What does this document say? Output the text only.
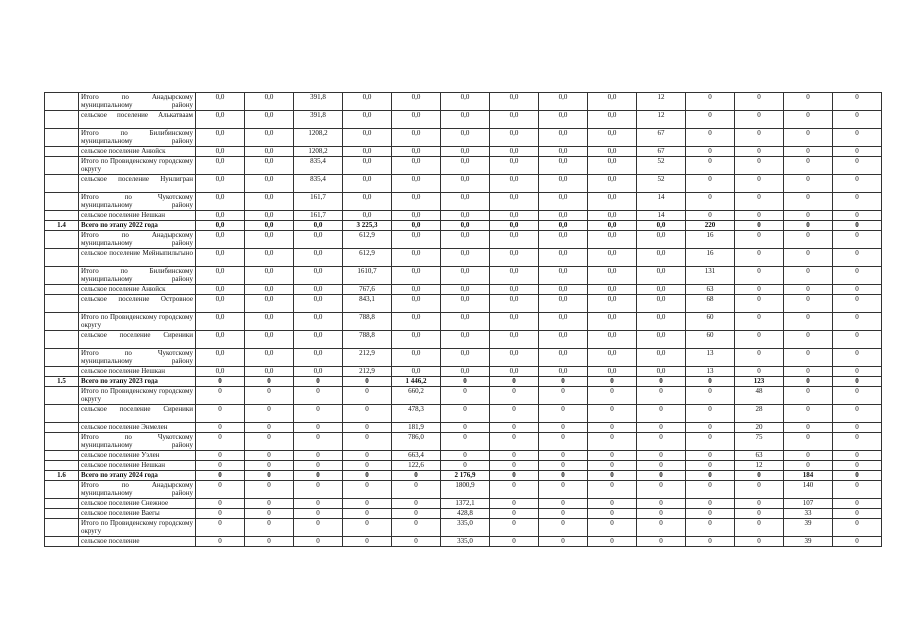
	Итого по Анадырскому муниципальному району	0,0	0,0	391,8	0,0	0,0	0,0	0,0	0,0	0,0	12	0	0	0	0
	сельское поселение Алькатваам	0,0	0,0	391,8	0,0	0,0	0,0	0,0	0,0	0,0	12	0	0	0	0
	Итого по Билибинскому муниципальному району	0,0	0,0	1208,2	0,0	0,0	0,0	0,0	0,0	0,0	67	0	0	0	0
	сельское поселение Анюйск	0,0	0,0	1208,2	0,0	0,0	0,0	0,0	0,0	0,0	67	0	0	0	0
	Итого по Провиденскому городскому округу	0,0	0,0	835,4	0,0	0,0	0,0	0,0	0,0	0,0	52	0	0	0	0
	сельское поселение Нунлигран	0,0	0,0	835,4	0,0	0,0	0,0	0,0	0,0	0,0	52	0	0	0	0
	Итого по Чукотскому муниципальному району	0,0	0,0	161,7	0,0	0,0	0,0	0,0	0,0	0,0	14	0	0	0	0
	сельское поселение Нешкан	0,0	0,0	161,7	0,0	0,0	0,0	0,0	0,0	0,0	14	0	0	0	0
1.4	Всего по этапу 2022 года	0,0	0,0	0,0	3 225,3	0,0	0,0	0,0	0,0	0,0	0,0	220	0	0	0
	Итого по Анадырскому муниципальному району	0,0	0,0	0,0	612,9	0,0	0,0	0,0	0,0	0,0	0,0	16	0	0	0
	сельское поселение Мейныпильгыно	0,0	0,0	0,0	612,9	0,0	0,0	0,0	0,0	0,0	0,0	16	0	0	0
	Итого по Билибинскому муниципальному району	0,0	0,0	0,0	1610,7	0,0	0,0	0,0	0,0	0,0	0,0	131	0	0	0
	сельское поселение Анюйск	0,0	0,0	0,0	767,6	0,0	0,0	0,0	0,0	0,0	0,0	63	0	0	0
	сельское поселение Островное	0,0	0,0	0,0	843,1	0,0	0,0	0,0	0,0	0,0	0,0	68	0	0	0
	Итого по Провиденскому городскому округу	0,0	0,0	0,0	788,8	0,0	0,0	0,0	0,0	0,0	0,0	60	0	0	0
	сельское поселение Сиреники	0,0	0,0	0,0	788,8	0,0	0,0	0,0	0,0	0,0	0,0	60	0	0	0
	Итого по Чукотскому муниципальному району	0,0	0,0	0,0	212,9	0,0	0,0	0,0	0,0	0,0	0,0	13	0	0	0
	сельское поселение Нешкан	0,0	0,0	0,0	212,9	0,0	0,0	0,0	0,0	0,0	0,0	13	0	0	0
1.5	Всего по этапу 2023 года	0	0	0	0	1 446,2	0	0	0	0	0	0	123	0	0
	Итого по Провиденскому городскому округу	0	0	0	0	660,2	0	0	0	0	0	0	48	0	0
	сельское поселение Сиреники	0	0	0	0	478,3	0	0	0	0	0	0	28	0	0
	сельское поселение Энмелен	0	0	0	0	181,9	0	0	0	0	0	0	20	0	0
	Итого по Чукотскому муниципальному району	0	0	0	0	786,0	0	0	0	0	0	0	75	0	0
	сельское поселение Уэлен	0	0	0	0	663,4	0	0	0	0	0	0	63	0	0
	сельское поселение Нешкан	0	0	0	0	122,6	0	0	0	0	0	0	12	0	0
1.6	Всего по этапу 2024 года	0	0	0	0	0	2 176,9	0	0	0	0	0	0	184	0
	Итого по Анадырскому муниципальному району	0	0	0	0	0	1800,9	0	0	0	0	0	0	140	0
	сельское поселение Снежное	0	0	0	0	0	1372,1	0	0	0	0	0	0	107	0
	сельское поселение Ваегы	0	0	0	0	0	428,8	0	0	0	0	0	0	33	0
	Итого по Провиденскому городскому округу	0	0	0	0	0	335,0	0	0	0	0	0	0	39	0
	сельское поселение	0	0	0	0	0	335,0	0	0	0	0	0	0	39	0
